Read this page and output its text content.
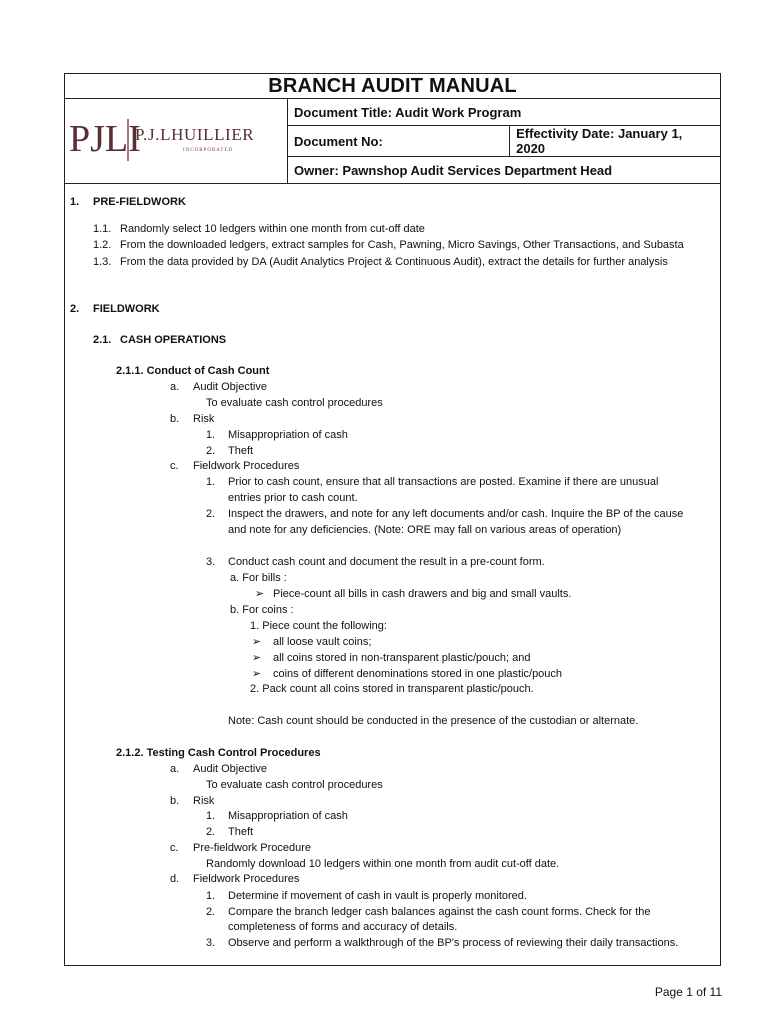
BRANCH AUDIT MANUAL
PJLI
P.J.LHUILLIER
INCORPORATED
Document Title: Audit Work Program
Document No:	Effectivity Date: January 1, 2020
Owner: Pawnshop Audit Services Department Head
1. PRE-FIELDWORK
1.1. Randomly select 10 ledgers within one month from cut-off date
1.2. From the downloaded ledgers, extract samples for Cash, Pawning, Micro Savings, Other Transactions, and Subasta
1.3. From the data provided by DA (Audit Analytics Project & Continuous Audit), extract the details for further analysis
2. FIELDWORK
2.1. CASH OPERATIONS
2.1.1. Conduct of Cash Count
a. Audit Objective
To evaluate cash control procedures
b. Risk
1. Misappropriation of cash
2. Theft
c. Fieldwork Procedures
1. Prior to cash count, ensure that all transactions are posted. Examine if there are unusual
entries prior to cash count.
2. Inspect the drawers, and note for any left documents and/or cash. Inquire the BP of the cause
and note for any deficiencies. (Note: ORE may fall on various areas of operation)
3. Conduct cash count and document the result in a pre-count form.
a. For bills :
➢ Piece-count all bills in cash drawers and big and small vaults.
b. For coins :
1. Piece count the following:
➢ all loose vault coins;
➢ all coins stored in non-transparent plastic/pouch; and
➢ coins of different denominations stored in one plastic/pouch
2. Pack count all coins stored in transparent plastic/pouch.
Note: Cash count should be conducted in the presence of the custodian or alternate.
2.1.2. Testing Cash Control Procedures
a. Audit Objective
To evaluate cash control procedures
b. Risk
1. Misappropriation of cash
2. Theft
c. Pre-fieldwork Procedure
Randomly download 10 ledgers within one month from audit cut-off date.
d. Fieldwork Procedures
1. Determine if movement of cash in vault is properly monitored.
2. Compare the branch ledger cash balances against the cash count forms. Check for the
completeness of forms and accuracy of details.
3. Observe and perform a walkthrough of the BP's process of reviewing their daily transactions.
Page 1 of 11
